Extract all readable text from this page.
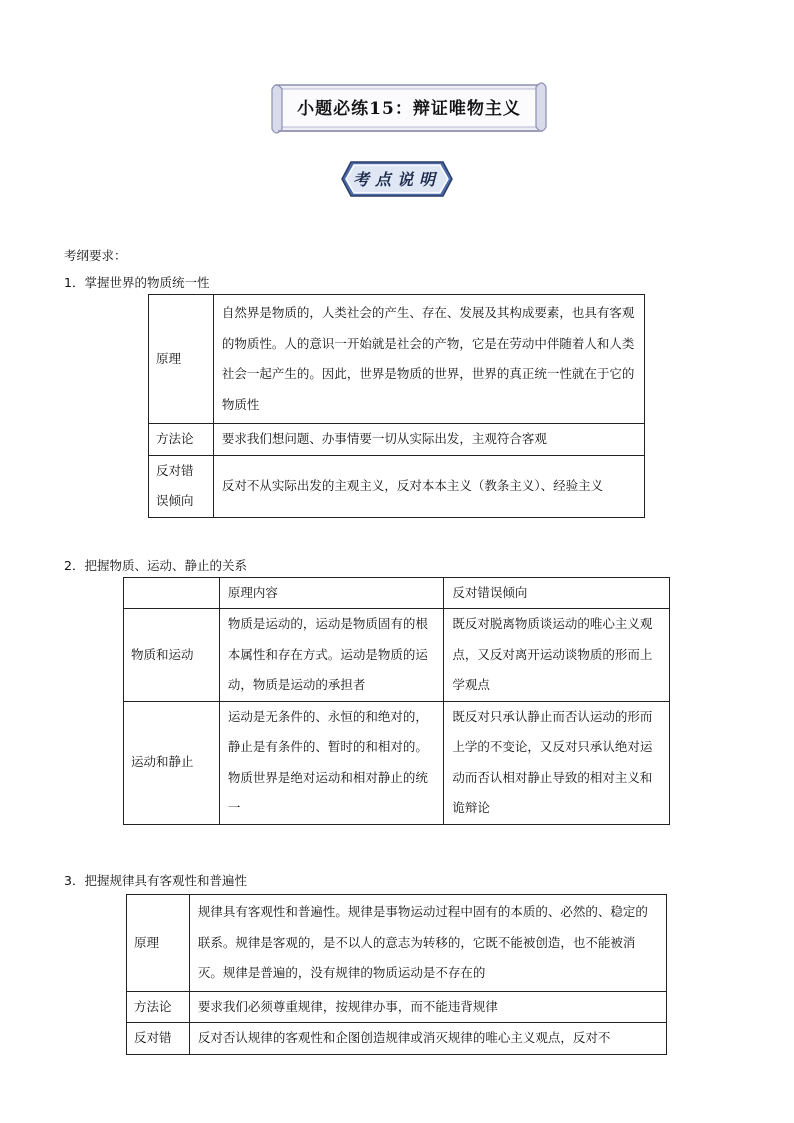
小题必练15：辩证唯物主义
考点说明
考纲要求：
1．掌握世界的物质统一性
原理	自然界是物质的，人类社会的产生、存在、发展及其构成要素，也具有客观的物质性。人的意识一开始就是社会的产物，它是在劳动中伴随着人和人类社会一起产生的。因此，世界是物质的世界，世界的真正统一性就在于它的物质性
方法论	要求我们想问题、办事情要一切从实际出发，主观符合客观
反对错误倾向	反对不从实际出发的主观主义，反对本本主义（教条主义）、经验主义
2．把握物质、运动、静止的关系
	原理内容	反对错误倾向
物质和运动	物质是运动的，运动是物质固有的根本属性和存在方式。运动是物质的运动，物质是运动的承担者	既反对脱离物质谈运动的唯心主义观点，又反对离开运动谈物质的形而上学观点
运动和静止	运动是无条件的、永恒的和绝对的，静止是有条件的、暂时的和相对的。物质世界是绝对运动和相对静止的统一	既反对只承认静止而否认运动的形而上学的不变论，又反对只承认绝对运动而否认相对静止导致的相对主义和诡辩论
3．把握规律具有客观性和普遍性
原理	规律具有客观性和普遍性。规律是事物运动过程中固有的本质的、必然的、稳定的联系。规律是客观的，是不以人的意志为转移的，它既不能被创造，也不能被消灭。规律是普遍的，没有规律的物质运动是不存在的
方法论	要求我们必须尊重规律，按规律办事，而不能违背规律
反对错	反对否认规律的客观性和企图创造规律或消灭规律的唯心主义观点，反对不
